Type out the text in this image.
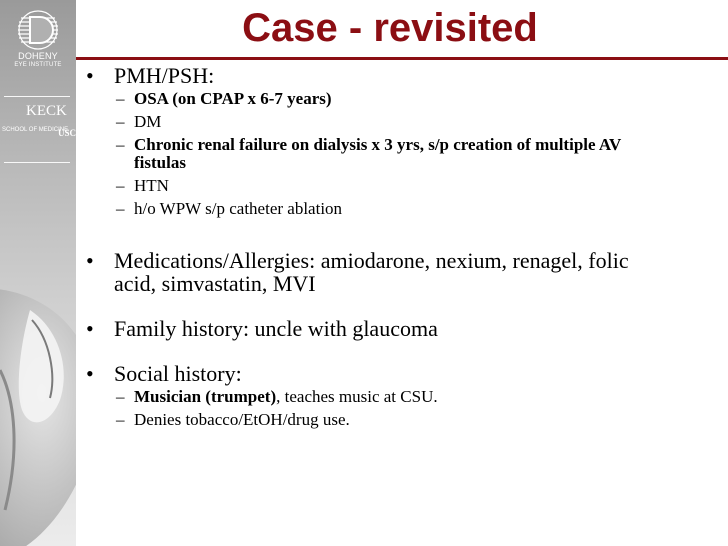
DOHENY
EYE INSTITUTE
KECK
SCHOOL OF MEDICINE
USC
Case - revisited
• PMH/PSH:
– OSA (on CPAP x 6-7 years)
– DM
– Chronic renal failure on dialysis x 3 yrs, s/p creation of multiple AV fistulas
– HTN
– h/o WPW s/p catheter ablation
• Medications/Allergies: amiodarone, nexium, renagel, folic acid, simvastatin, MVI
• Family history: uncle with glaucoma
• Social history:
– Musician (trumpet), teaches music at CSU.
– Denies tobacco/EtOH/drug use.
